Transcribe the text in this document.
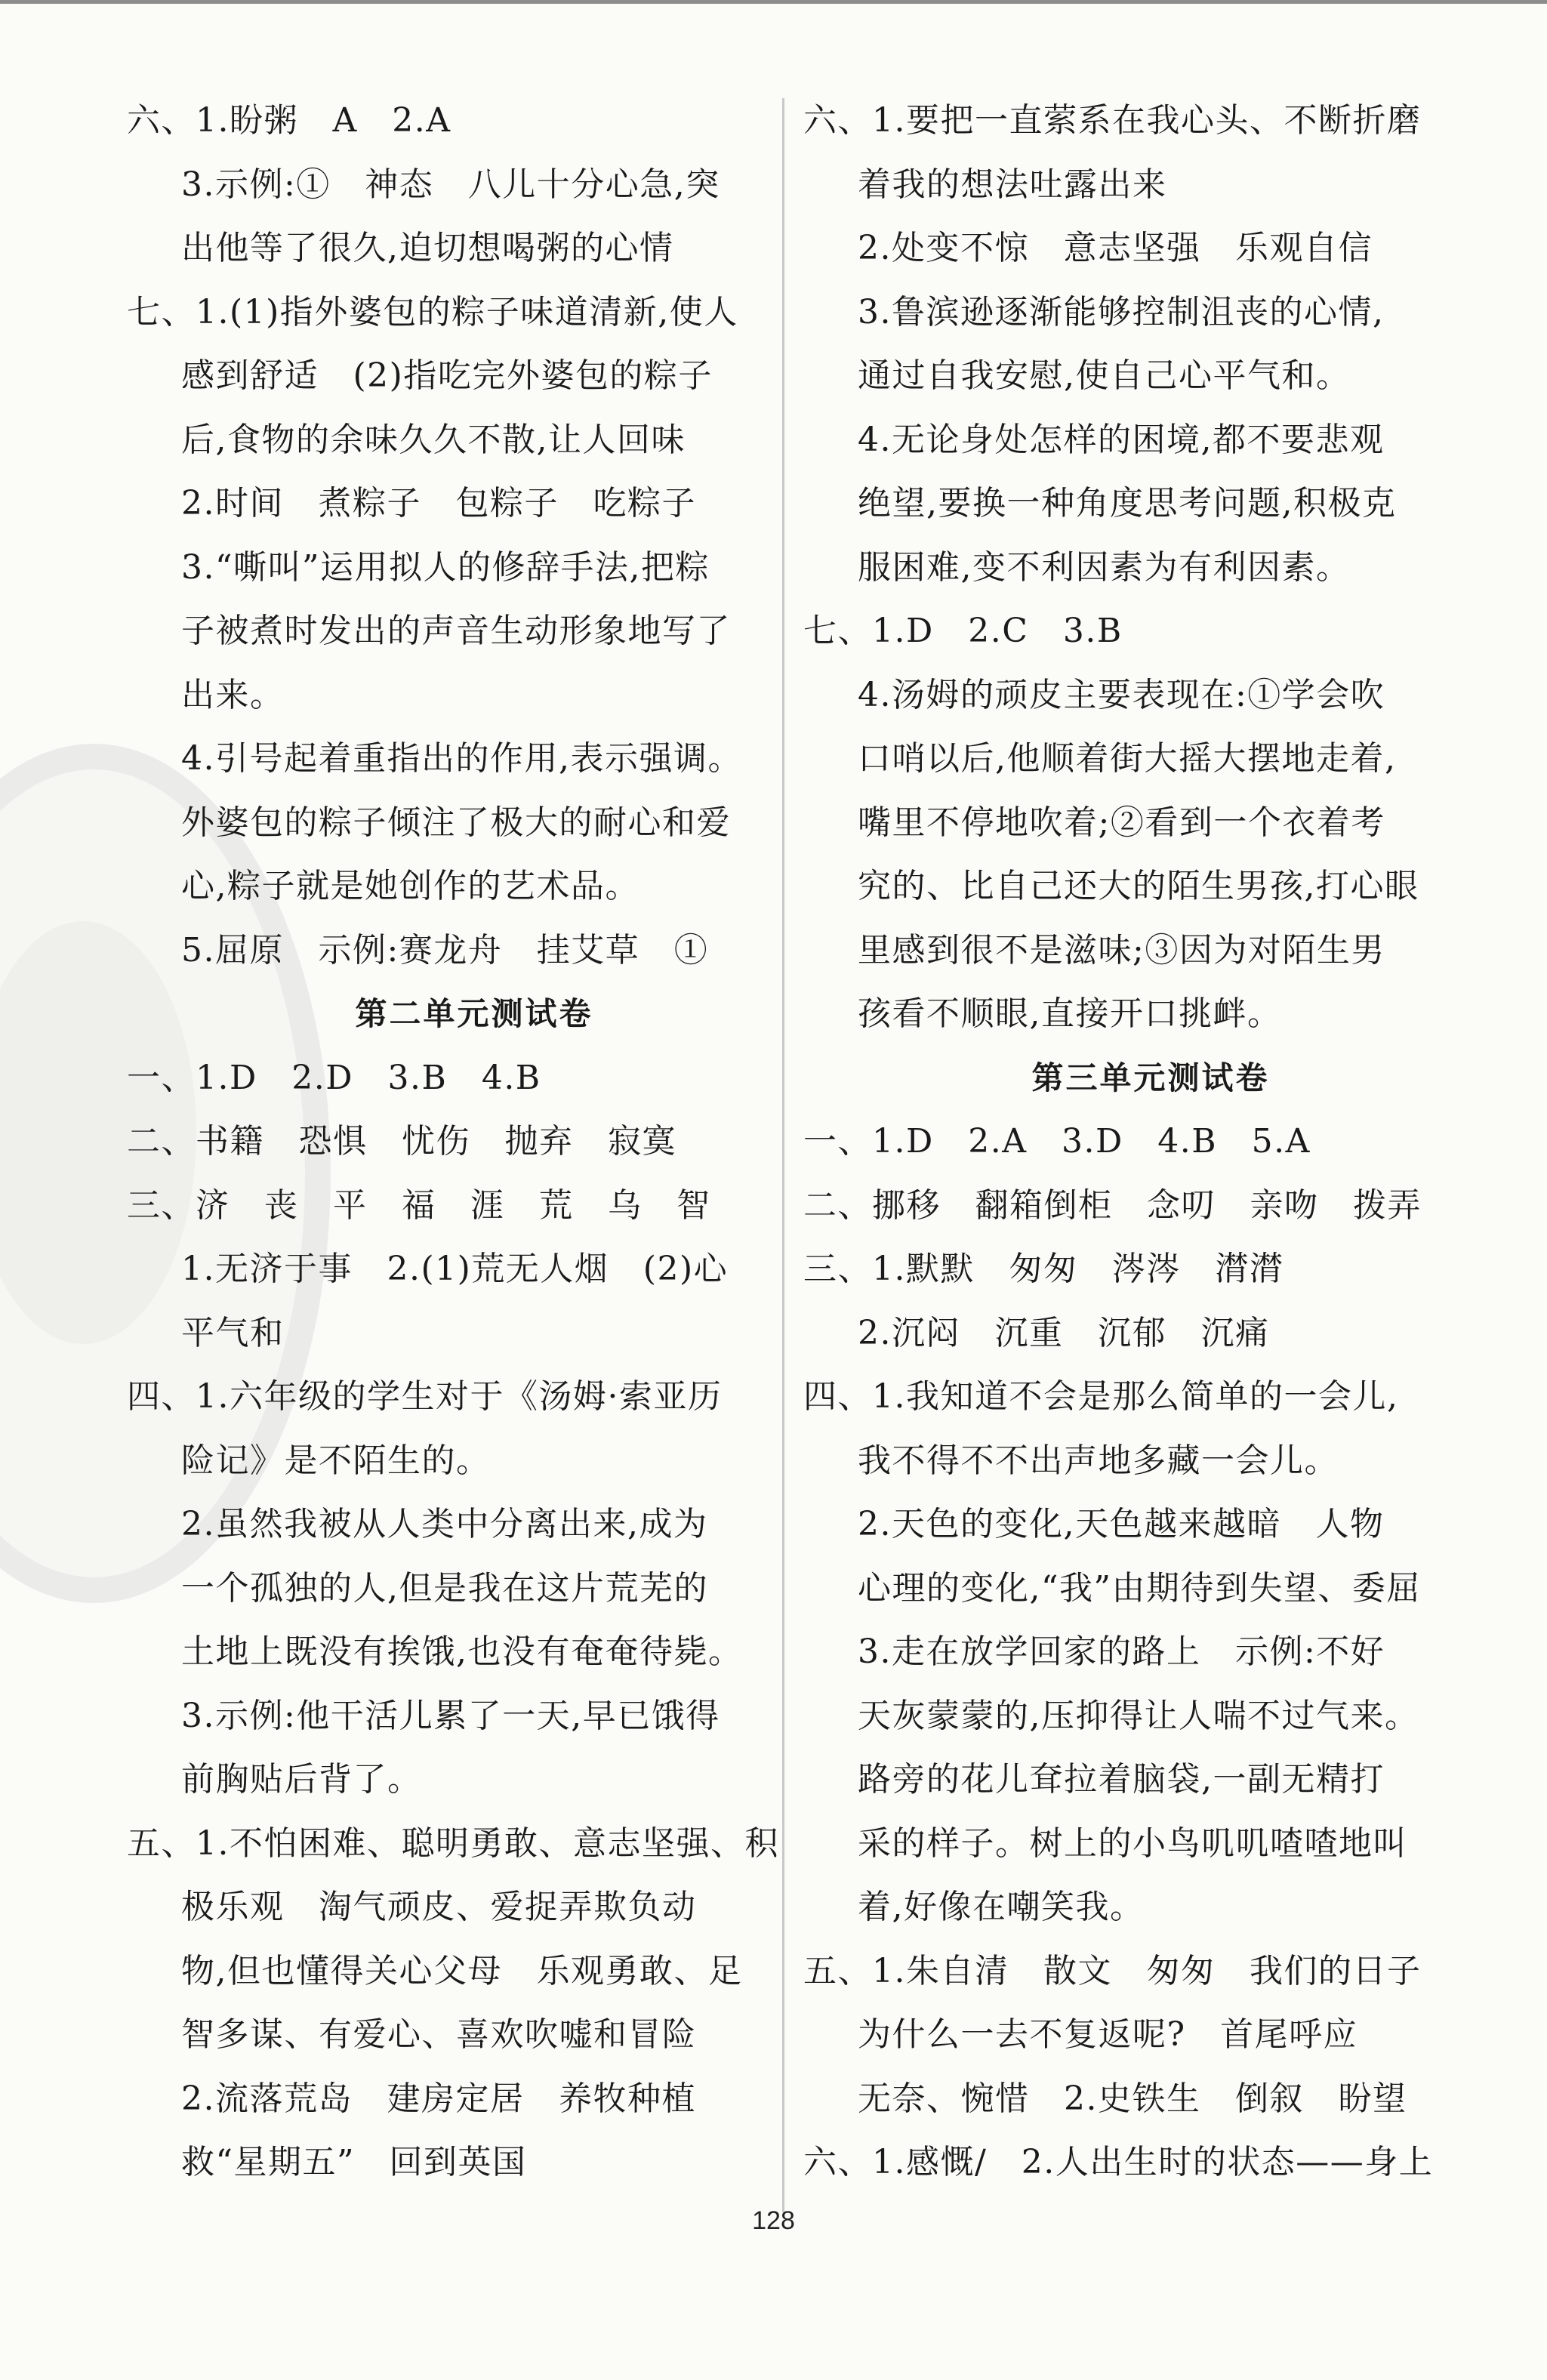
六、1.盼粥　A　2.A
3.示例:①　神态　八儿十分心急,突
出他等了很久,迫切想喝粥的心情
七、1.(1)指外婆包的粽子味道清新,使人
感到舒适　(2)指吃完外婆包的粽子
后,食物的余味久久不散,让人回味
2.时间　煮粽子　包粽子　吃粽子
3.“嘶叫”运用拟人的修辞手法,把粽
子被煮时发出的声音生动形象地写了
出来。
4.引号起着重指出的作用,表示强调。
外婆包的粽子倾注了极大的耐心和爱
心,粽子就是她创作的艺术品。
5.屈原　示例:赛龙舟　挂艾草　①
第二单元测试卷
一、1.D　2.D　3.B　4.B
二、书籍　恐惧　忧伤　抛弃　寂寞
三、济　丧　平　福　涯　荒　乌　智
1.无济于事　2.(1)荒无人烟　(2)心
平气和
四、1.六年级的学生对于《汤姆·索亚历
险记》是不陌生的。
2.虽然我被从人类中分离出来,成为
一个孤独的人,但是我在这片荒芜的
土地上既没有挨饿,也没有奄奄待毙。
3.示例:他干活儿累了一天,早已饿得
前胸贴后背了。
五、1.不怕困难、聪明勇敢、意志坚强、积
极乐观　淘气顽皮、爱捉弄欺负动
物,但也懂得关心父母　乐观勇敢、足
智多谋、有爱心、喜欢吹嘘和冒险
2.流落荒岛　建房定居　养牧种植
救“星期五”　回到英国
六、1.要把一直萦系在我心头、不断折磨
着我的想法吐露出来
2.处变不惊　意志坚强　乐观自信
3.鲁滨逊逐渐能够控制沮丧的心情,
通过自我安慰,使自己心平气和。
4.无论身处怎样的困境,都不要悲观
绝望,要换一种角度思考问题,积极克
服困难,变不利因素为有利因素。
七、1.D　2.C　3.B
4.汤姆的顽皮主要表现在:①学会吹
口哨以后,他顺着街大摇大摆地走着,
嘴里不停地吹着;②看到一个衣着考
究的、比自己还大的陌生男孩,打心眼
里感到很不是滋味;③因为对陌生男
孩看不顺眼,直接开口挑衅。
第三单元测试卷
一、1.D　2.A　3.D　4.B　5.A
二、挪移　翻箱倒柜　念叨　亲吻　拨弄
三、1.默默　匆匆　涔涔　潸潸
2.沉闷　沉重　沉郁　沉痛
四、1.我知道不会是那么简单的一会儿,
我不得不不出声地多藏一会儿。
2.天色的变化,天色越来越暗　人物
心理的变化,“我”由期待到失望、委屈
3.走在放学回家的路上　示例:不好
天灰蒙蒙的,压抑得让人喘不过气来。
路旁的花儿耷拉着脑袋,一副无精打
采的样子。树上的小鸟叽叽喳喳地叫
着,好像在嘲笑我。
五、1.朱自清　散文　匆匆　我们的日子
为什么一去不复返呢?　首尾呼应
无奈、惋惜　2.史铁生　倒叙　盼望
六、1.感慨/　2.人出生时的状态——身上
128
